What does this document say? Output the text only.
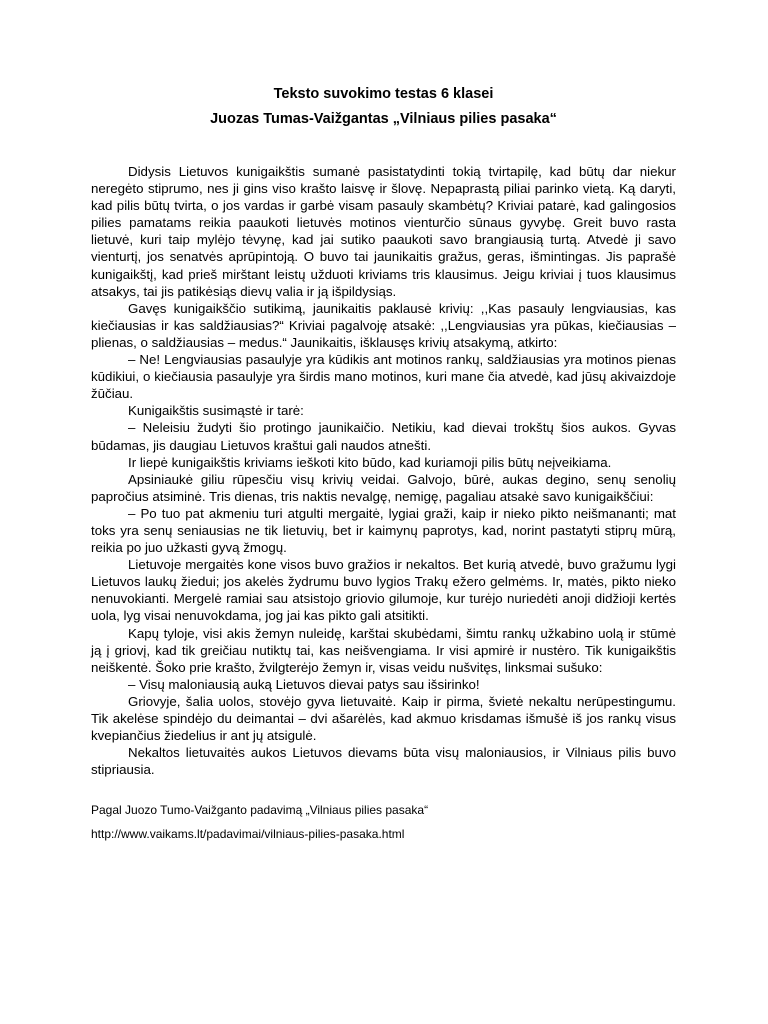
Teksto suvokimo testas 6 klasei
Juozas Tumas-Vaižgantas „Vilniaus pilies pasaka“

Didysis Lietuvos kunigaikštis sumanė pasistatydinti tokią tvirtapilę, kad būtų dar niekur neregėto stiprumo, nes ji gins viso krašto laisvę ir šlovę. Nepaprastą piliai parinko vietą. Ką daryti, kad pilis būtų tvirta, o jos vardas ir garbė visam pasauly skambėtų? Kriviai patarė, kad galingosios pilies pamatams reikia paaukoti lietuvės motinos vienturčio sūnaus gyvybę. Greit buvo rasta lietuvė, kuri taip mylėjo tėvynę, kad jai sutiko paaukoti savo brangiausią turtą. Atvedė ji savo vienturtį, jos senatvės aprūpintoją. O buvo tai jaunikaitis gražus, geras, išmintingas. Jis paprašė kunigaikštį, kad prieš mirštant leistų užduoti kriviams tris klausimus. Jeigu kriviai į tuos klausimus atsakys, tai jis patikėsiąs dievų valia ir ją išpildysiąs.

Gavęs kunigaikščio sutikimą, jaunikaitis paklausė krivių: ,,Kas pasauly lengviausias, kas kiečiausias ir kas saldžiausias?“ Kriviai pagalvoję atsakė: ,,Lengviausias yra pūkas, kiečiausias – plienas, o saldžiausias – medus.“ Jaunikaitis, išklausęs krivių atsakymą, atkirto:

– Ne! Lengviausias pasaulyje yra kūdikis ant motinos rankų, saldžiausias yra motinos pienas kūdikiui, o kiečiausia pasaulyje yra širdis mano motinos, kuri mane čia atvedė, kad jūsų akivaizdoje žūčiau.

Kunigaikštis susimąstė ir tarė:

– Neleisiu žudyti šio protingo jaunikaičio. Netikiu, kad dievai trokštų šios aukos. Gyvas būdamas, jis daugiau Lietuvos kraštui gali naudos atnešti.

Ir liepė kunigaikštis kriviams ieškoti kito būdo, kad kuriamoji pilis būtų neįveikiama.

Apsiniaukė giliu rūpesčiu visų krivių veidai. Galvojo, būrė, aukas degino, senų senolių papročius atsiminė. Tris dienas, tris naktis nevalgę, nemigę, pagaliau atsakė savo kunigaikščiui:

– Po tuo pat akmeniu turi atgulti mergaitė, lygiai graži, kaip ir nieko pikto neišmananti; mat toks yra senų seniausias ne tik lietuvių, bet ir kaimynų paprotys, kad, norint pastatyti stiprų mūrą, reikia po juo užkasti gyvą žmogų.

Lietuvoje mergaitės kone visos buvo gražios ir nekaltos. Bet kurią atvedė, buvo gražumu lygi Lietuvos laukų žiedui; jos akelės žydrumu buvo lygios Trakų ežero gelmėms. Ir, matės, pikto nieko nenuvokianti. Mergelė ramiai sau atsistojo griovio gilumoje, kur turėjo nuriedėti anoji didžioji kertės uola, lyg visai nenuvokdama, jog jai kas pikto gali atsitikti.

Kapų tyloje, visi akis žemyn nuleidę, karštai skubėdami, šimtu rankų užkabino uolą ir stūmė ją į griovį, kad tik greičiau nutiktų tai, kas neišvengiama. Ir visi apmirė ir nustėro. Tik kunigaikštis neiškentė. Šoko prie krašto, žvilgterėjo žemyn ir, visas veidu nušvitęs, linksmai sušuko:

– Visų maloniausią auką Lietuvos dievai patys sau išsirinko!

Griovyje, šalia uolos, stovėjo gyva lietuvaitė. Kaip ir pirma, švietė nekaltu nerūpestingumu. Tik akelėse spindėjo du deimantai – dvi ašarėlės, kad akmuo krisdamas išmušė iš jos rankų visus kvepiančius žiedelius ir ant jų atsigulė.

Nekaltos lietuvaitės aukos Lietuvos dievams būta visų maloniausios, ir Vilniaus pilis buvo stipriausia.

Pagal Juozo Tumo-Vaižganto padavimą „Vilniaus pilies pasaka“
http://www.vaikams.lt/padavimai/vilniaus-pilies-pasaka.html
